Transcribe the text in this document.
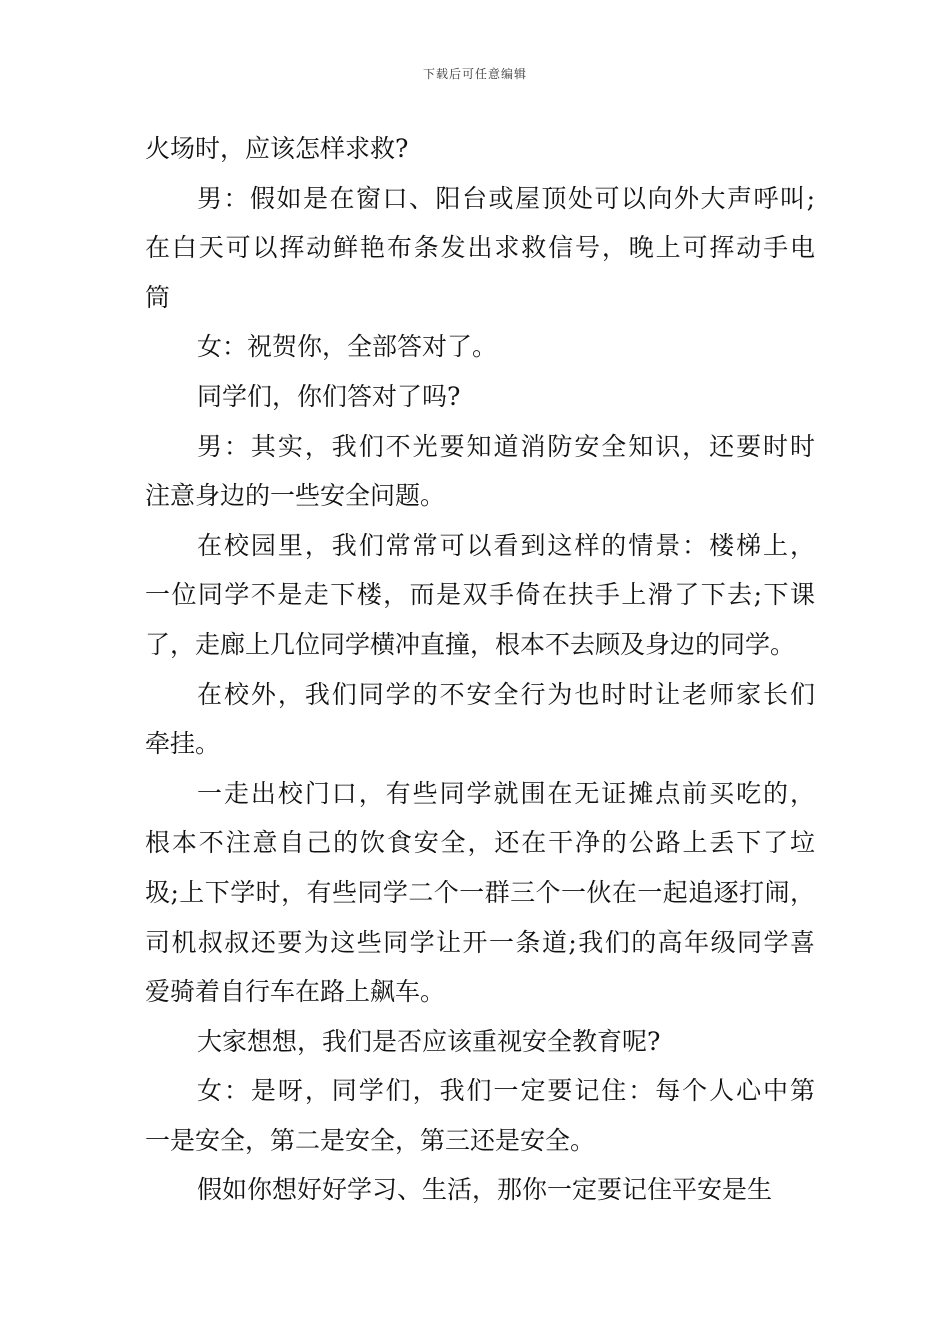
下载后可任意编辑
火场时，应该怎样求救?
男：假如是在窗口、阳台或屋顶处可以向外大声呼叫;
在白天可以挥动鲜艳布条发出求救信号，晚上可挥动手电
筒
女：祝贺你，全部答对了。
同学们，你们答对了吗?
男：其实，我们不光要知道消防安全知识，还要时时
注意身边的一些安全问题。
在校园里，我们常常可以看到这样的情景：楼梯上，
一位同学不是走下楼，而是双手倚在扶手上滑了下去;下课
了，走廊上几位同学横冲直撞，根本不去顾及身边的同学。
在校外，我们同学的不安全行为也时时让老师家长们
牵挂。
一走出校门口，有些同学就围在无证摊点前买吃的，
根本不注意自己的饮食安全，还在干净的公路上丢下了垃
圾;上下学时，有些同学二个一群三个一伙在一起追逐打闹，
司机叔叔还要为这些同学让开一条道;我们的高年级同学喜
爱骑着自行车在路上飙车。
大家想想，我们是否应该重视安全教育呢?
女：是呀，同学们，我们一定要记住：每个人心中第
一是安全，第二是安全，第三还是安全。
假如你想好好学习、生活，那你一定要记住平安是生
